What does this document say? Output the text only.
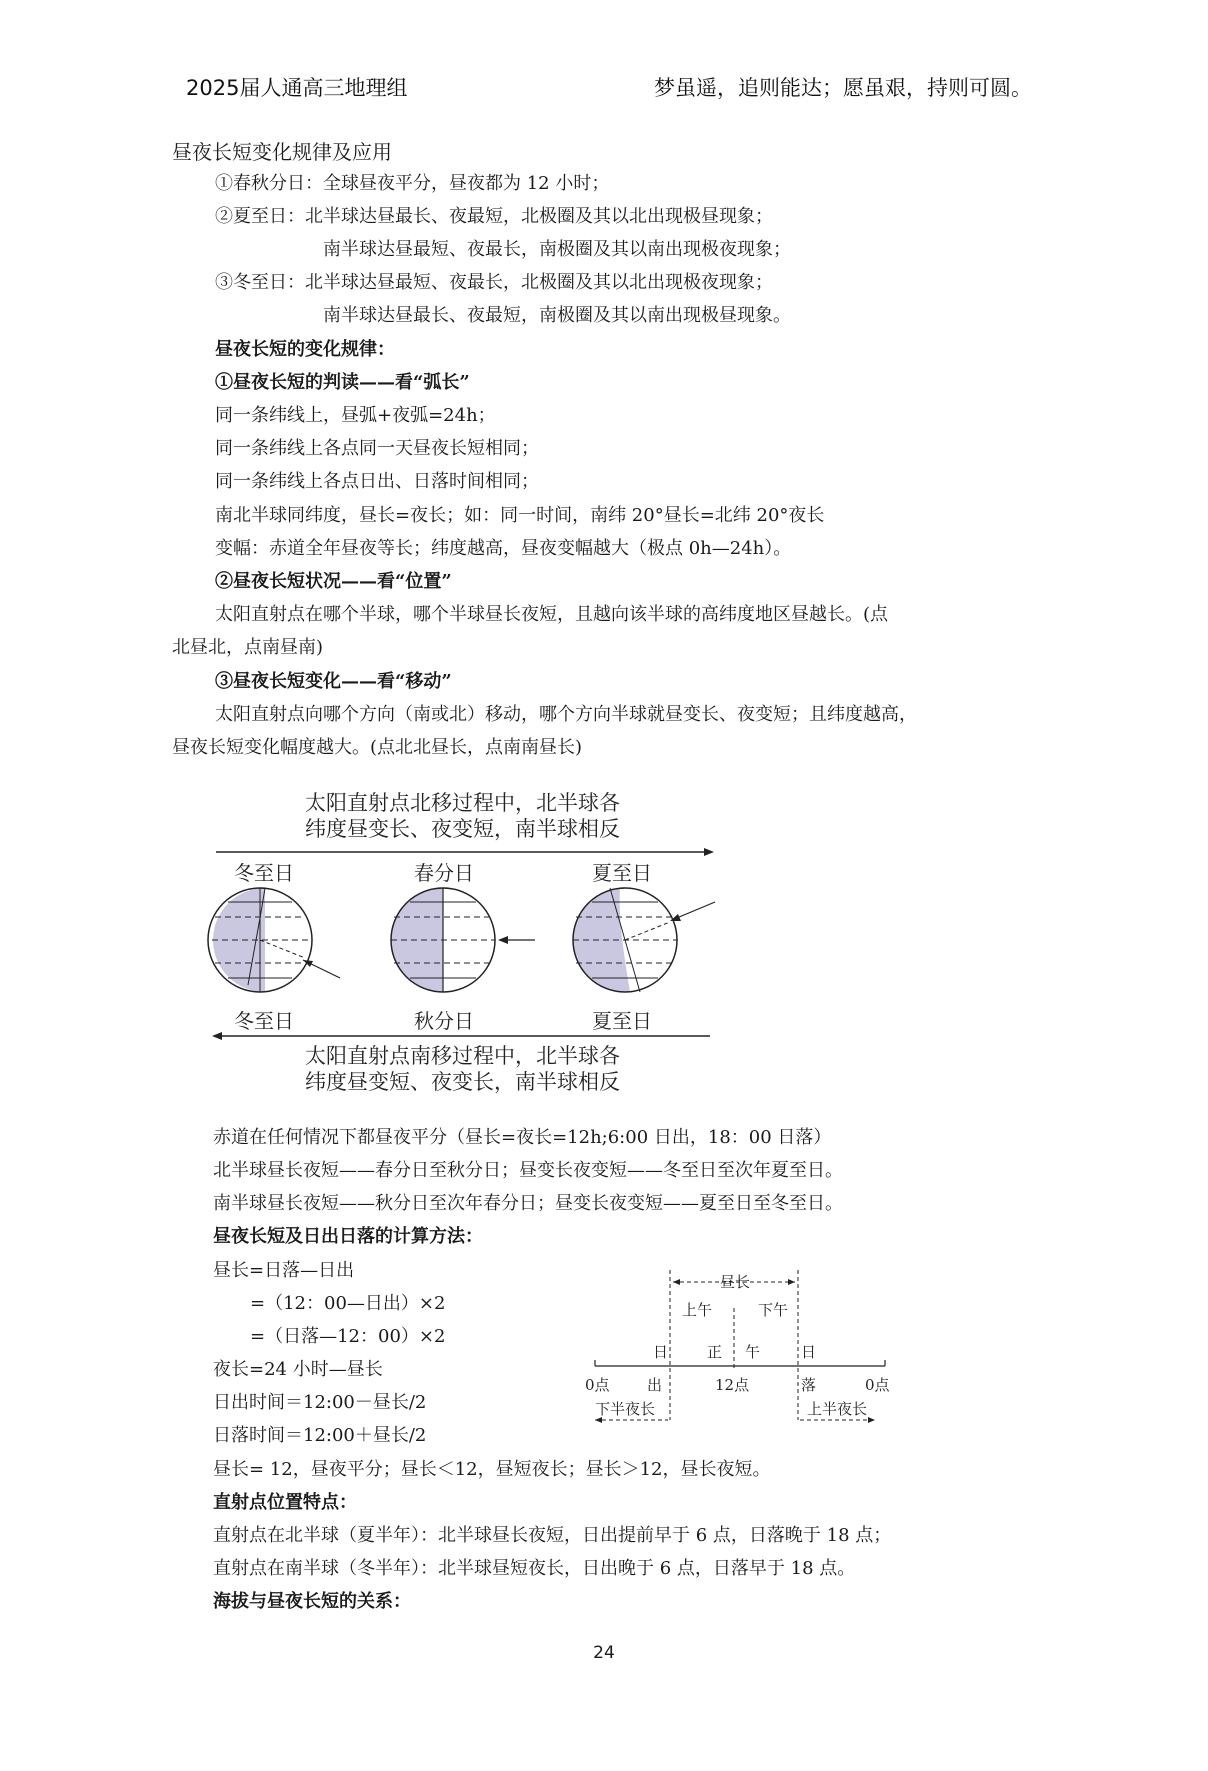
2025届人通高三地理组	梦虽遥，追则能达；愿虽艰，持则可圆。
昼夜长短变化规律及应用
①春秋分日：全球昼夜平分，昼夜都为 12 小时；
②夏至日：北半球达昼最长、夜最短，北极圈及其以北出现极昼现象；
南半球达昼最短、夜最长，南极圈及其以南出现极夜现象；
③冬至日：北半球达昼最短、夜最长，北极圈及其以北出现极夜现象；
南半球达昼最长、夜最短，南极圈及其以南出现极昼现象。
昼夜长短的变化规律：
①昼夜长短的判读——看“弧长”
同一条纬线上，昼弧+夜弧=24h；
同一条纬线上各点同一天昼夜长短相同；
同一条纬线上各点日出、日落时间相同；
南北半球同纬度，昼长=夜长；如：同一时间，南纬 20°昼长=北纬 20°夜长
变幅：赤道全年昼夜等长；纬度越高，昼夜变幅越大（极点 0h—24h）。
②昼夜长短状况——看“位置”
太阳直射点在哪个半球，哪个半球昼长夜短，且越向该半球的高纬度地区昼越长。(点
北昼北，点南昼南)
③昼夜长短变化——看“移动”
太阳直射点向哪个方向（南或北）移动，哪个方向半球就昼变长、夜变短；且纬度越高，
昼夜长短变化幅度越大。(点北北昼长，点南南昼长)
太阳直射点北移过程中，北半球各
纬度昼变长、夜变短，南半球相反
冬至日	春分日	夏至日
冬至日	秋分日	夏至日
太阳直射点南移过程中，北半球各
纬度昼变短、夜变长，南半球相反
赤道在任何情况下都昼夜平分（昼长=夜长=12h;6:00 日出，18：00 日落）
北半球昼长夜短——春分日至秋分日；昼变长夜变短——冬至日至次年夏至日。
南半球昼长夜短——秋分日至次年春分日；昼变长夜变短——夏至日至冬至日。
昼夜长短及日出日落的计算方法：
昼长=日落—日出
=（12：00—日出）×2
=（日落—12：00）×2
夜长=24 小时—昼长
日出时间＝12:00－昼长/2
日落时间＝12:00＋昼长/2
昼长
上午	下午
日	正 午	日
0点 出	12点	落	0点
下半夜长	上半夜长
昼长= 12，昼夜平分；昼长＜12，昼短夜长；昼长＞12，昼长夜短。
直射点位置特点：
直射点在北半球（夏半年）：北半球昼长夜短，日出提前早于 6 点，日落晚于 18 点；
直射点在南半球（冬半年）：北半球昼短夜长，日出晚于 6 点，日落早于 18 点。
海拔与昼夜长短的关系：
24
